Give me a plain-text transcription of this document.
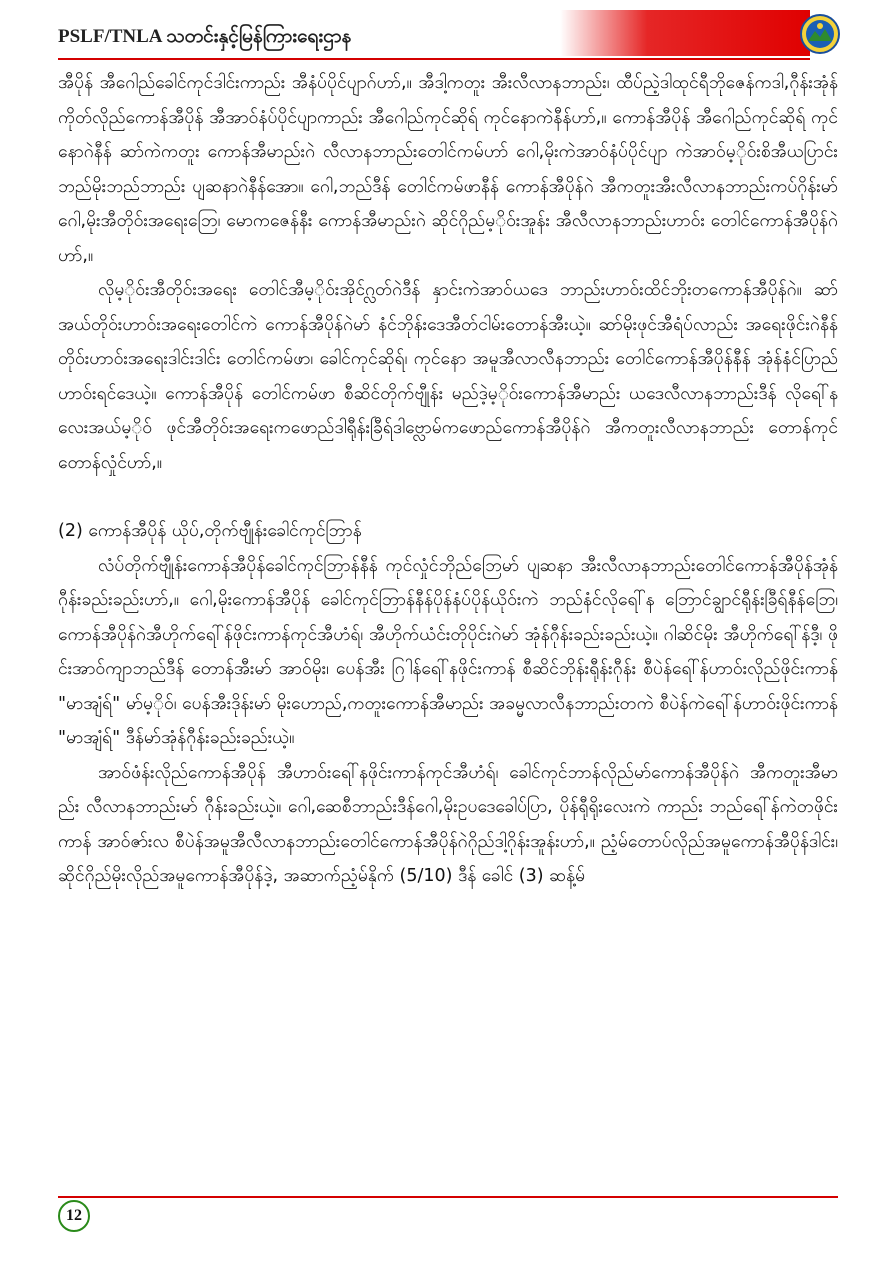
PSLF/TNLA သတင်းနှင့်မြန်ကြားရေးဌာန

အီပိုန် အီဂေါည်ခေါင်ကုင်ဒါင်းကာည်း အီနံပ်ပိုင်ပျာဂ်ဟာ်,။ အီဒါ့ကတူး အီးလီလာနဘာည်း၊ ထီပ်ညဲ့ဒါထုင်ရီဘိုဇေန်ကဒါ,ဂီုန်းအုံန် ကိုတ်လိုည်ကောန်အီပိုန် အီအာဝ်နံပ်ပိုင်ပျာကာည်း အီဂေါည်ကုင်ဆိုရ် ကုင်နောကဲနီန်ဟာ်,။ ကောန်အီပိုန် အီဂေါည်ကုင်ဆိုရ် ကုင်နောဂဲနီန် ဆာ်ကဲကတူး ကောန်အီမာည်းဂဲ လီလာနဘာည်းတေါင်ကမ်ဟာ် ဂေါ,မိုးကဲအာဝ်နံပ်ပိုင်ပျာ ကဲအာဝ်မ့ိုဝ်းစိအီယပြာင်း ဘည်မိုးဘည်ဘာည်း ပျဆနာဂဲနီန်အော။ ဂေါ,ဘည်ဒီန် တေါင်ကမ်ဖာနီန် ကောန်အီပိုန်ဂဲ အီကတူးအီးလီလာနဘာည်းကပ်ဂိုန်းမာ် ဂေါ,မိုးအီတိုဝ်းအရေးဘြေ၊ မောကဇေန်နီး ကောန်အီမာည်းဂဲ ဆိုင်ဂိုည်မ့ိုဝ်းအူန်း အီလီလာနဘာည်းဟာဝ်း တေါင်ကောန်အီပိုန်ဂဲဟာ်,။

လိုမ့ိုဝ်းအီတိုဝ်းအရေး တေါင်အီမ့ိုဝ်းအိုင်ဂ္လတ်ဂဲဒီန် နှာင်းကဲအာဝ်ယဒေ ဘာည်းဟာဝ်းထိင်ဘိုးတကောန်အီပိုန်ဂဲ။ ဆာ်အယ်တိုဝ်းဟာဝ်းအရေးတေါင်ကဲ ကောန်အီပိုန်ဂဲမာ် နံင်ဘိုန်းဒေအီတ်ငါမ်းတောန်အီးယဲ့။ ဆာ်မိုးဖုင်အီရံပ်လာည်း အရေးဖိုင်းဂဲနီန် တိုဝ်းဟာဝ်းအရေးဒါင်းဒါင်း တေါင်ကမ်ဖာ၊ ခေါင်ကုင်ဆိုရ်၊ ကုင်နော အမူအီလာလီနဘာည်း တေါင်ကောန်အီပိုန်နီန် အုံန်နံင်ပြာည်ဟာဝ်းရင်ဒေယဲ့။ ကောန်အီပိုန် တေါင်ကမ်ဖာ စီဆိင်တိုက်ဗျီုန်း မည်ဒဲ့မ့ိုဝ်းကောန်အီမာည်း ယဒေလီလာနဘာည်းဒီန် လိုရေါ်နလေးအယ်မ့ိုဝ် ဖုင်အီတိုဝ်းအရေးကဖောည်ဒါရီုန်းခြီရ်ဒါဗ္လောမ်ကဖောည်ကောန်အီပိုန်ဂဲ အီကတူးလီလာနဘာည်း တောန်ကုင် တောန်လှုံင်ဟာ်,။

(2) ကောန်အီပိုန် ယိုပ်,တိုက်ဗျီုန်းခေါင်ကုင်ဘြာန်

လံပ်တိုက်ဗျီုန်းကောန်အီပိုန်ခေါင်ကုင်ဘြာန်နီန် ကုင်လှုံင်ဘိုည်ဘြေမာ် ပျဆနာ အီးလီလာနဘာည်းတေါင်ကောန်အီပိုန်အုံန်ဂီုန်းခည်းခည်းဟာ်,။ ဂေါ,မိုးကောန်အီပိုန် ခေါင်ကုင်ဘြာန်နီန်ပိုန်နံပ်ပိုန်ယိုဝ်းကဲ ဘည်နံင်လိုရေါ်န ဘြောင်ချွာင်ရီုန်းခြီရ်နီန်ဘြေ၊ ကောန်အီပိုန်ဂဲအီဟိုက်ရေါ်န်ဖိုင်းကာန်ကုင်အီဟံရ်၊ အီဟိုက်ယံင်းတိုပိုင်းဂဲမာ် အုံန်ဂီုန်းခည်းခည်းယဲ့။ ဂါဆိင်မိုး အီဟိုက်ရေါ်န်ဒီ့၊ ဖိုင်းအာဝ်ကျာဘည်ဒီန် တောန်အီးမာ် အာဝ်မိုး၊ ပေန်အီး ဂြါန်ရေါ်နဖိုင်းကာန် စီဆိင်ဘိုန်းရီုန်းဂီုန်း စီပဲန်ရေါ်န်ဟာဝ်းလိုည်ဖိုင်းကာန် "မာအျံရ်" မာ်မ့ိုဝ်၊ ပေန်အီးဒိုန်းမာ် မိုးဟောည်,ကတူးကောန်အီမာည်း အခမ္မလာလီနဘာည်းတကဲ စီပဲန်ကဲရေါ်န်ဟာဝ်းဖိုင်းကာန် "မာအျံရ်" ဒီန်မာ်အုံန်ဂီုန်းခည်းခည်းယဲ့။

အာဝ်ဖံန်းလိုည်ကောန်အီပိုန် အီဟာဝ်းရေါ်နဖိုင်းကာန်ကုင်အီဟံရ်၊ ခေါင်ကုင်ဘာန်လိုည်မာ်ကောန်အီပိုန်ဂဲ အီကတူးအီမာည်း လီလာနဘာည်းမာ် ဂီုန်းခည်းယဲ့။ ဂေါ,ဆေစီဘာည်းဒီန်ဂေါ,မိုးဥပဒေခေါပ်ပြာ, ပိုန်ရီုရိုးလေးကဲ ကာည်း ဘည်ရေါ်န်ကဲတဖိုင်းကာန် အာဝ်ဇာ်းလ စီပဲန်အမူအီလီလာနဘာည်းတေါင်ကောန်အီပိုန်ဂဲဂိုည်ဒါ့ဂိုန်းအူန်းဟာ်,။ ညံ့မ်တောပ်လိုည်အမူကောန်အီပိုန်ဒါင်း၊ ဆိုင်ဂိုည်မိုးလိုည်အမူကောန်အီပိုန်ဒဲ့, အဆာက်ညံ့မ်နိုက် (5/10) ဒီန် ခေါင် (3) ဆန့်မ်

12
